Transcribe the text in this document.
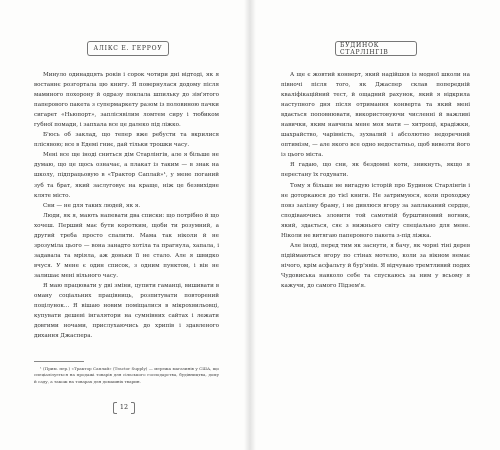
АЛІКС Е. ГЕРРОУ

Минуло одинадцять років і сорок чотири дні відтоді, як я востаннє розгортала цю книгу. Я повернулася додому після маминого похорону й одразу поклала шпильку до зім'ятого паперового пакета з супермаркету разом із половиною пачки сигарет «Ньюпорт», заплісявілим ломтем сиру і тюбиком губної помади, і запхала все це далеко під ліжко.

Б'юсь об заклад, що тепер вже ребусти та вкрилися плісявою; все в Едемі гниє, дай тільки трошки часу.

Мені все ще іноді сниться дім Старлінгів, але я більше не думаю, що це щось означає, а плакат із таким — в знак на школу, підпрацьовую в «Трактор Саплай»¹, у мене поганий зуб та брат, який заслуговує на краще, ніж це безвихідне кляте місто.

Сни — не для таких людей, як я.

Люди, як я, мають напевати два списки: що потрібно й що хочеш. Перший має бути коротким, щоби ти розумний, а другий треба просто спалити. Мама так ніколи й не зрозуміла цього — вона занадто хотіла та прагнула, хапала, і задавала та мріяла, аж доньки її не стало. Але я швидко вчуся. У мене є один список, з одним пунктом, і він не залишає мені вільного часу.

Я маю працювати у дві зміни, цупити гаманці, вишивати в оману соціальних працівниць, розпитувати повторений поцілунок... Я вішаю новим поміщалися в мікрохвильовці, купувати дешеві інгалятори на сумнівних сайтах і лежати довгими ночами, прислухаючись до хрипів і здавленого дихання Джаспера.

¹ (Прим. пер.) «Трактор Саплай» (Tractor Supply) — мережа магазинів у США, що спеціалізується на продажі товарів для сільського господарства, будівництва, дому й саду, а також на товарах для домашніх тварин.

12
БУДИНОК СТАРЛІНГІВ

А ще є жовтий конверт, який надійшов із модної школи на півночі після того, як Джаспер склав попередній кваліфікаційний тест, й ощадний рахунок, який я відкрила наступного дня після отримання конверта та який мені вдається поповнювати, використовуючи численні й важливі навички, яким навчила мене моя мати — хитрощі, крадіжки, шахрайство, чарівність, зухвалий і абсолютно недоречний оптимізм, — але якого все одно недостатньо, щоб вивезти його із цього міста.

Я гадаю, що сни, як бездомні коти, зникнуть, якщо я перестану їх годувати.

Тому я більше не вигадую історій про Будинок Старлінгів і не доторкаюся до тієї книги. Не затримуюся, коли проходжу повз залізну браму, і не дивлюся вгору за заплаканий сердце, сподіваючись зловити той самотній бурштиновий вогник, який, здається, сяє з нижнього світу спеціально для мене. Ніколи не витягаю паперового пакета з-під ліжка.

Але іноді, перед тим як заснути, я бачу, як чорні тіні дерев підіймаються вгору по стінах мотелю, коли за вікном немає нічого, крім асфальту й бур'янів. Я відчуваю тремтливий подих Чудовиська навколо себе та спускаюсь за ним у всьому я кажучи, до самого Підзем'я.
